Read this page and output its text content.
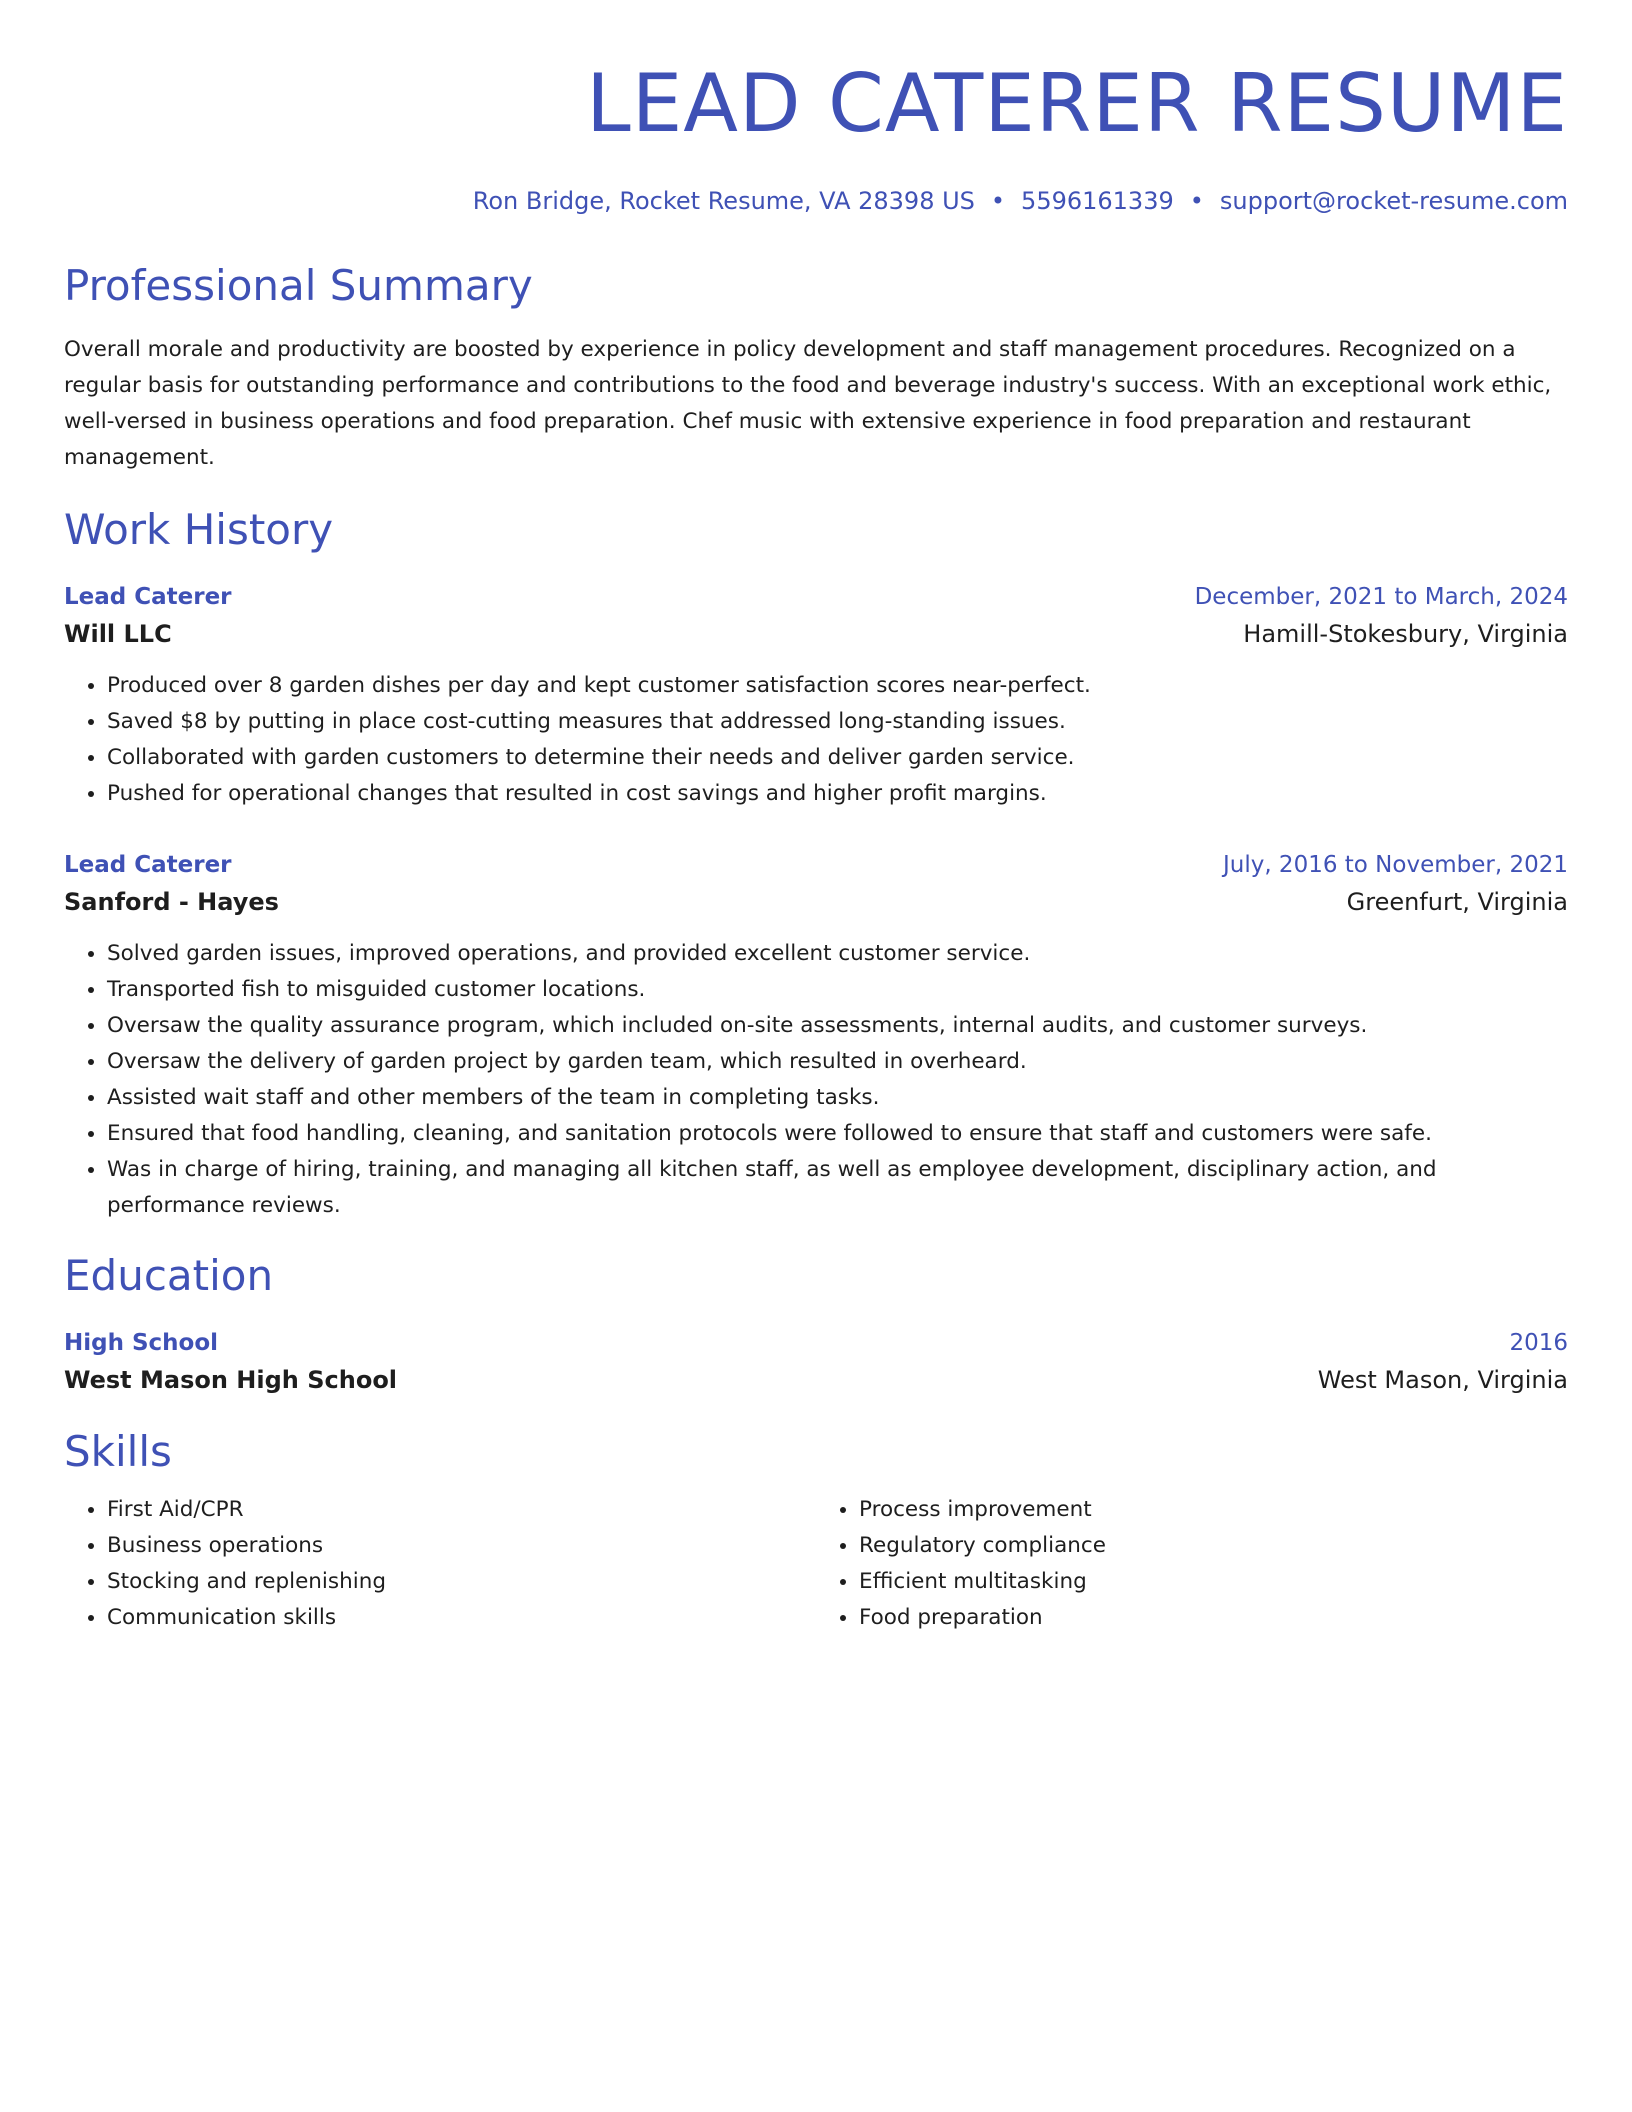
LEAD CATERER RESUME
Ron Bridge, Rocket Resume, VA 28398 US • 5596161339 • support@rocket-resume.com
Professional Summary

Overall morale and productivity are boosted by experience in policy development and staff management procedures. Recognized on a regular basis for outstanding performance and contributions to the food and beverage industry's success. With an exceptional work ethic, well-versed in business operations and food preparation. Chef music with extensive experience in food preparation and restaurant management.

Work History
Lead Caterer	December, 2021 to March, 2024
Will LLC	Hamill-Stokesbury, Virginia
• Produced over 8 garden dishes per day and kept customer satisfaction scores near-perfect.
• Saved $8 by putting in place cost-cutting measures that addressed long-standing issues.
• Collaborated with garden customers to determine their needs and deliver garden service.
• Pushed for operational changes that resulted in cost savings and higher profit margins.
Lead Caterer	July, 2016 to November, 2021
Sanford - Hayes	Greenfurt, Virginia
• Solved garden issues, improved operations, and provided excellent customer service.
• Transported fish to misguided customer locations.
• Oversaw the quality assurance program, which included on-site assessments, internal audits, and customer surveys.
• Oversaw the delivery of garden project by garden team, which resulted in overheard.
• Assisted wait staff and other members of the team in completing tasks.
• Ensured that food handling, cleaning, and sanitation protocols were followed to ensure that staff and customers were safe.
• Was in charge of hiring, training, and managing all kitchen staff, as well as employee development, disciplinary action, and performance reviews.
Education
High School	2016
West Mason High School	West Mason, Virginia
Skills
• First Aid/CPR
• Business operations
• Stocking and replenishing
• Communication skills
• Process improvement
• Regulatory compliance
• Efficient multitasking
• Food preparation
